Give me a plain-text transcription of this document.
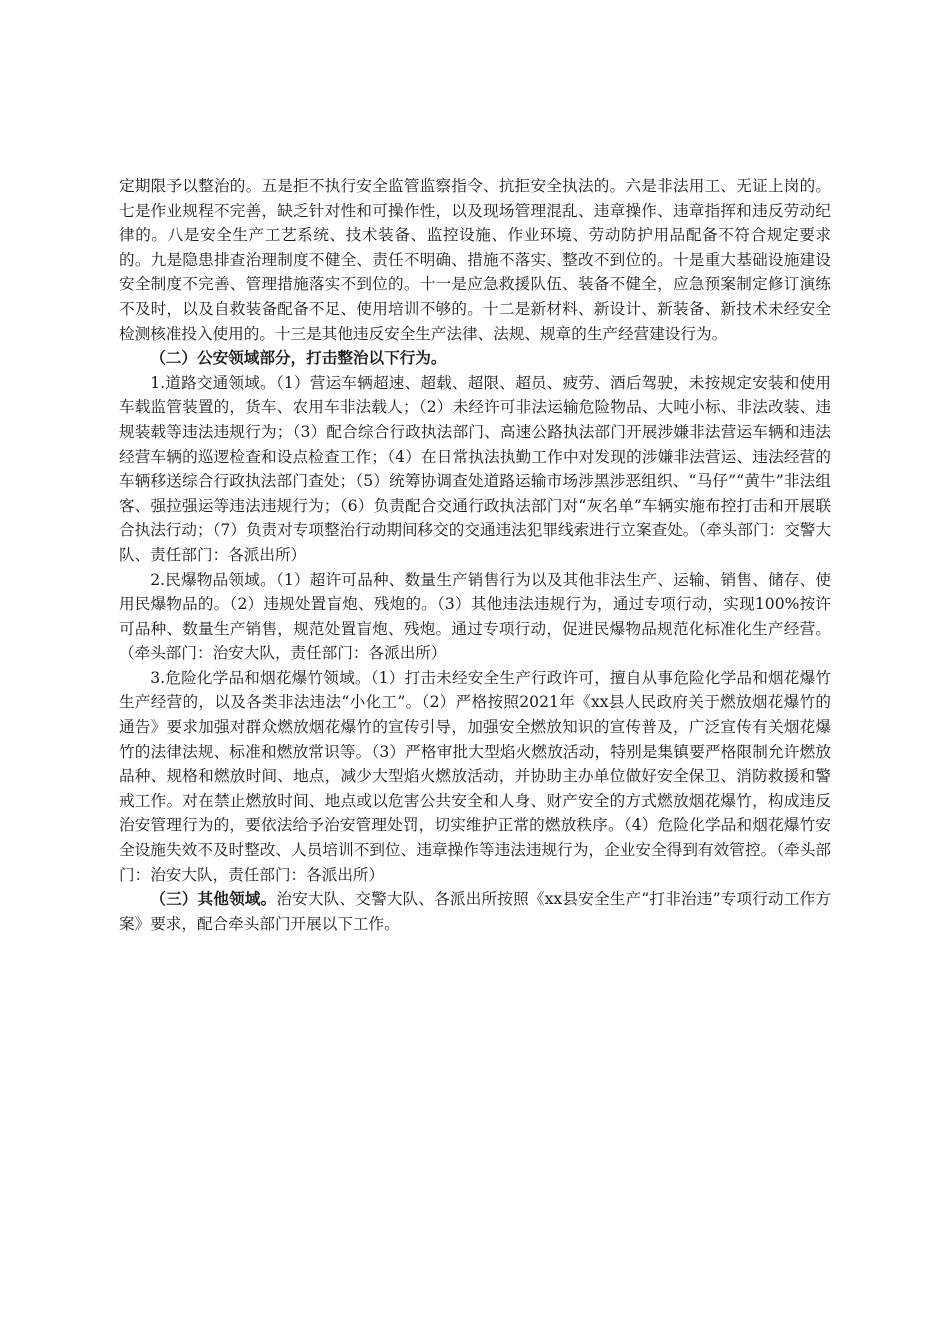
定期限予以整治的。五是拒不执行安全监管监察指令、抗拒安全执法的。六是非法用工、无证上岗的。七是作业规程不完善，缺乏针对性和可操作性，以及现场管理混乱、违章操作、违章指挥和违反劳动纪律的。八是安全生产工艺系统、技术装备、监控设施、作业环境、劳动防护用品配备不符合规定要求的。九是隐患排查治理制度不健全、责任不明确、措施不落实、整改不到位的。十是重大基础设施建设安全制度不完善、管理措施落实不到位的。十一是应急救援队伍、装备不健全，应急预案制定修订演练不及时，以及自救装备配备不足、使用培训不够的。十二是新材料、新设计、新装备、新技术未经安全检测核准投入使用的。十三是其他违反安全生产法律、法规、规章的生产经营建设行为。

（二）公安领域部分，打击整治以下行为。

1.道路交通领域。（1）营运车辆超速、超载、超限、超员、疲劳、酒后驾驶，未按规定安装和使用车载监管装置的，货车、农用车非法载人；（2）未经许可非法运输危险物品、大吨小标、非法改装、违规装载等违法违规行为；（3）配合综合行政执法部门、高速公路执法部门开展涉嫌非法营运车辆和违法经营车辆的巡逻检查和设点检查工作；（4）在日常执法执勤工作中对发现的涉嫌非法营运、违法经营的车辆移送综合行政执法部门查处；（5）统筹协调查处道路运输市场涉黑涉恶组织、“马仔”“黄牛”非法组客、强拉强运等违法违规行为；（6）负责配合交通行政执法部门对“灰名单”车辆实施布控打击和开展联合执法行动；（7）负责对专项整治行动期间移交的交通违法犯罪线索进行立案查处。（牵头部门：交警大队、责任部门：各派出所）

2.民爆物品领域。（1）超许可品种、数量生产销售行为以及其他非法生产、运输、销售、储存、使用民爆物品的。（2）违规处置盲炮、残炮的。（3）其他违法违规行为，通过专项行动，实现100%按许可品种、数量生产销售，规范处置盲炮、残炮。通过专项行动，促进民爆物品规范化标准化生产经营。（牵头部门：治安大队，责任部门：各派出所）

3.危险化学品和烟花爆竹领域。（1）打击未经安全生产行政许可，擅自从事危险化学品和烟花爆竹生产经营的，以及各类非法违法“小化工”。（2）严格按照2021年《xx县人民政府关于燃放烟花爆竹的通告》要求加强对群众燃放烟花爆竹的宣传引导，加强安全燃放知识的宣传普及，广泛宣传有关烟花爆竹的法律法规、标准和燃放常识等。（3）严格审批大型焰火燃放活动，特别是集镇要严格限制允许燃放品种、规格和燃放时间、地点，减少大型焰火燃放活动，并协助主办单位做好安全保卫、消防救援和警戒工作。对在禁止燃放时间、地点或以危害公共安全和人身、财产安全的方式燃放烟花爆竹，构成违反治安管理行为的，要依法给予治安管理处罚，切实维护正常的燃放秩序。（4）危险化学品和烟花爆竹安全设施失效不及时整改、人员培训不到位、违章操作等违法违规行为，企业安全得到有效管控。（牵头部门：治安大队，责任部门：各派出所）

（三）其他领域。治安大队、交警大队、各派出所按照《xx县安全生产“打非治违”专项行动工作方案》要求，配合牵头部门开展以下工作。
